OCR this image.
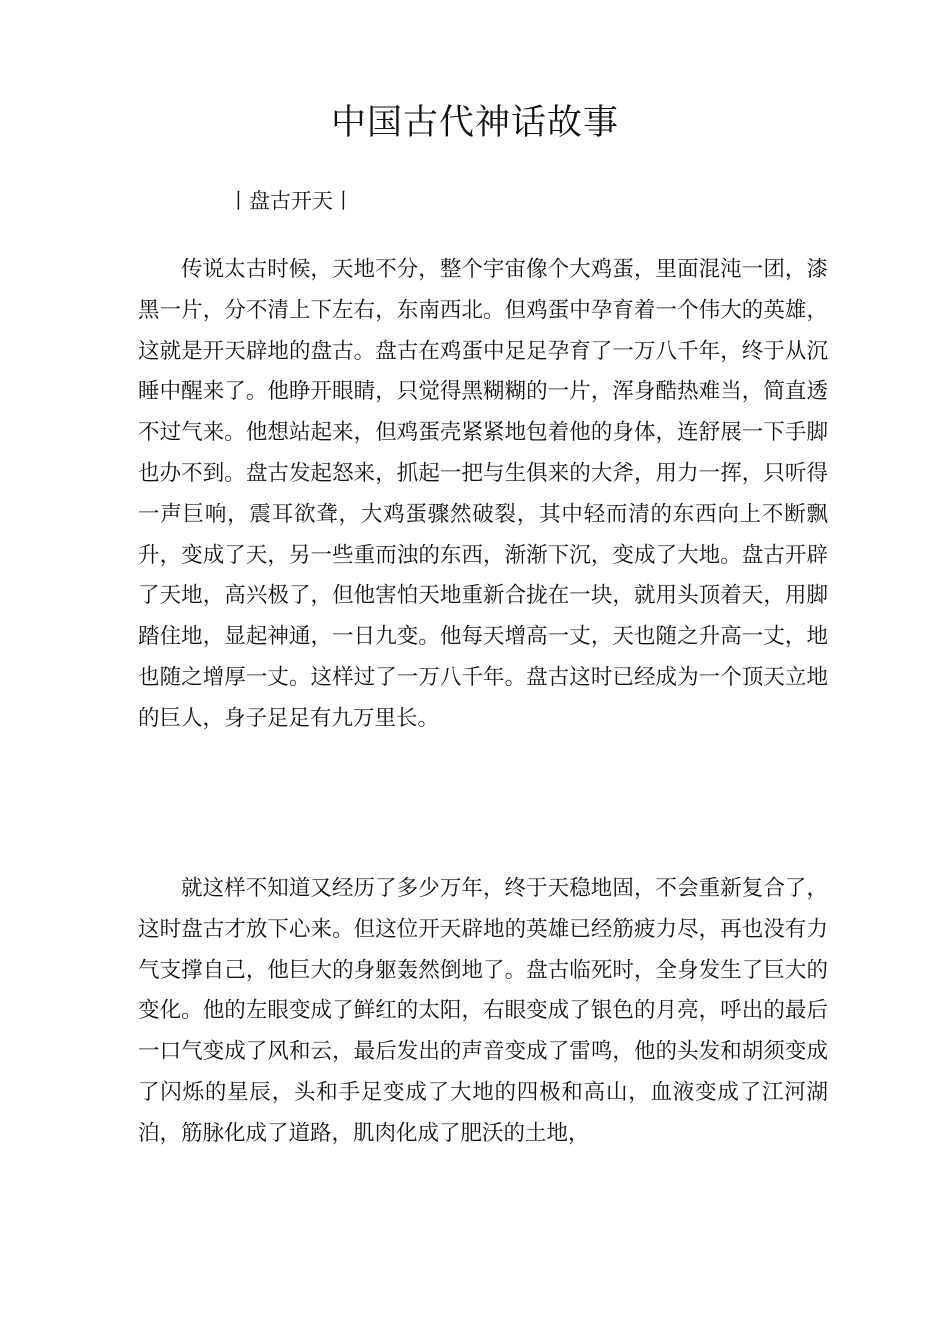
中国古代神话故事
丨盘古开天丨

传说太古时候，天地不分，整个宇宙像个大鸡蛋，里面混沌一团，漆黑一片，分不清上下左右，东南西北。但鸡蛋中孕育着一个伟大的英雄，这就是开天辟地的盘古。盘古在鸡蛋中足足孕育了一万八千年，终于从沉睡中醒来了。他睁开眼睛，只觉得黑糊糊的一片，浑身酷热难当，简直透不过气来。他想站起来，但鸡蛋壳紧紧地包着他的身体，连舒展一下手脚也办不到。盘古发起怒来，抓起一把与生俱来的大斧，用力一挥，只听得一声巨响，震耳欲聋，大鸡蛋骤然破裂，其中轻而清的东西向上不断飘升，变成了天，另一些重而浊的东西，渐渐下沉，变成了大地。盘古开辟了天地，高兴极了，但他害怕天地重新合拢在一块，就用头顶着天，用脚踏住地，显起神通，一日九变。他每天增高一丈，天也随之升高一丈，地也随之增厚一丈。这样过了一万八千年。盘古这时已经成为一个顶天立地的巨人，身子足足有九万里长。

就这样不知道又经历了多少万年，终于天稳地固，不会重新复合了，这时盘古才放下心来。但这位开天辟地的英雄已经筋疲力尽，再也没有力气支撑自己，他巨大的身躯轰然倒地了。盘古临死时，全身发生了巨大的变化。他的左眼变成了鲜红的太阳，右眼变成了银色的月亮，呼出的最后一口气变成了风和云，最后发出的声音变成了雷鸣，他的头发和胡须变成了闪烁的星辰，头和手足变成了大地的四极和高山，血液变成了江河湖泊，筋脉化成了道路，肌肉化成了肥沃的土地，
